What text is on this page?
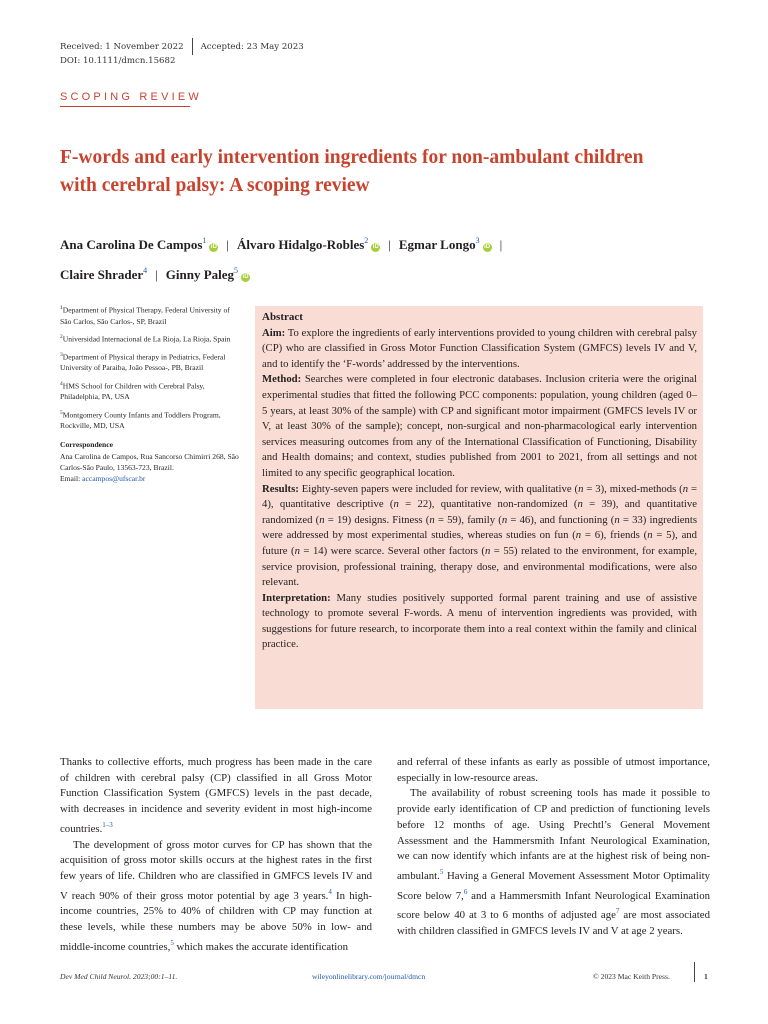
Received: 1 November 2022 Accepted: 23 May 2023
DOI: 10.1111/dmcn.15682
SCOPING REVIEW
F-words and early intervention ingredients for non-ambulant children with cerebral palsy: A scoping review
Ana Carolina De Campos$^1$iD | Álvaro Hidalgo-Robles$^2$iD | Egmar Longo$^3$iD |
Claire Shrader$^4$ | Ginny Paleg$^5$iD
$^1$Department of Physical Therapy, Federal University of São Carlos, São Carlos-, SP, Brazil
$^2$Universidad Internacional de La Rioja, La Rioja, Spain
$^3$Department of Physical therapy in Pediatrics, Federal University of Paraiba, João Pessoa-, PB, Brazil
$^4$HMS School for Children with Cerebral Palsy, Philadelphia, PA, USA
$^5$Montgomery County Infants and Toddlers Program, Rockville, MD, USA
Correspondence
Ana Carolina de Campos, Rua Sancorso Chimirri 268, São Carlos-São Paulo, 13563-723, Brazil.
Email: accampos@ufscar.br
Abstract

Aim: To explore the ingredients of early interventions provided to young children with cerebral palsy (CP) who are classified in Gross Motor Function Classification System (GMFCS) levels IV and V, and to identify the ‘F-words’ addressed by the interventions.

Method: Searches were completed in four electronic databases. Inclusion criteria were the original experimental studies that fitted the following PCC components: population, young children (aged 0–5 years, at least 30% of the sample) with CP and significant motor impairment (GMFCS levels IV or V, at least 30% of the sample); concept, non-surgical and non-pharmacological early intervention services measuring outcomes from any of the International Classification of Functioning, Disability and Health domains; and context, studies published from 2001 to 2021, from all settings and not limited to any specific geographical location.

Results: Eighty-seven papers were included for review, with qualitative (n = 3), mixed-methods (n = 4), quantitative descriptive (n = 22), quantitative non-randomized (n = 39), and quantitative randomized (n = 19) designs. Fitness (n = 59), family (n = 46), and functioning (n = 33) ingredients were addressed by most experimental studies, whereas studies on fun (n = 6), friends (n = 5), and future (n = 14) were scarce. Several other factors (n = 55) related to the environment, for example, service provision, professional training, therapy dose, and environmental modifications, were also relevant.

Interpretation: Many studies positively supported formal parent training and use of assistive technology to promote several F-words. A menu of intervention ingredients was provided, with suggestions for future research, to incorporate them into a real context within the family and clinical practice.

Thanks to collective efforts, much progress has been made in the care of children with cerebral palsy (CP) classified in all Gross Motor Function Classification System (GMFCS) levels in the past decade, with decreases in incidence and severity evident in most high-income countries.$^{1-3}$

The development of gross motor curves for CP has shown that the acquisition of gross motor skills occurs at the highest rates in the first few years of life. Children who are classified in GMFCS levels IV and V reach 90% of their gross motor potential by age 3 years.$^4$ In high-income countries, 25% to 40% of children with CP may function at these levels, while these numbers may be above 50% in low- and middle-income countries,$^5$ which makes the accurate identification

and referral of these infants as early as possible of utmost importance, especially in low-resource areas.

The availability of robust screening tools has made it possible to provide early identification of CP and prediction of functioning levels before 12 months of age. Using Prechtl’s General Movement Assessment and the Hammersmith Infant Neurological Examination, we can now identify which infants are at the highest risk of being non-ambulant.$^5$ Having a General Movement Assessment Motor Optimality Score below 7,$^6$ and a Hammersmith Infant Neurological Examination score below 40 at 3 to 6 months of adjusted age$^7$ are most associated with children classified in GMFCS levels IV and V at age 2 years.

Dev Med Child Neurol. 2023;00:1–11.	wileyonlinelibrary.com/journal/dmcn	© 2023 Mac Keith Press.	1
